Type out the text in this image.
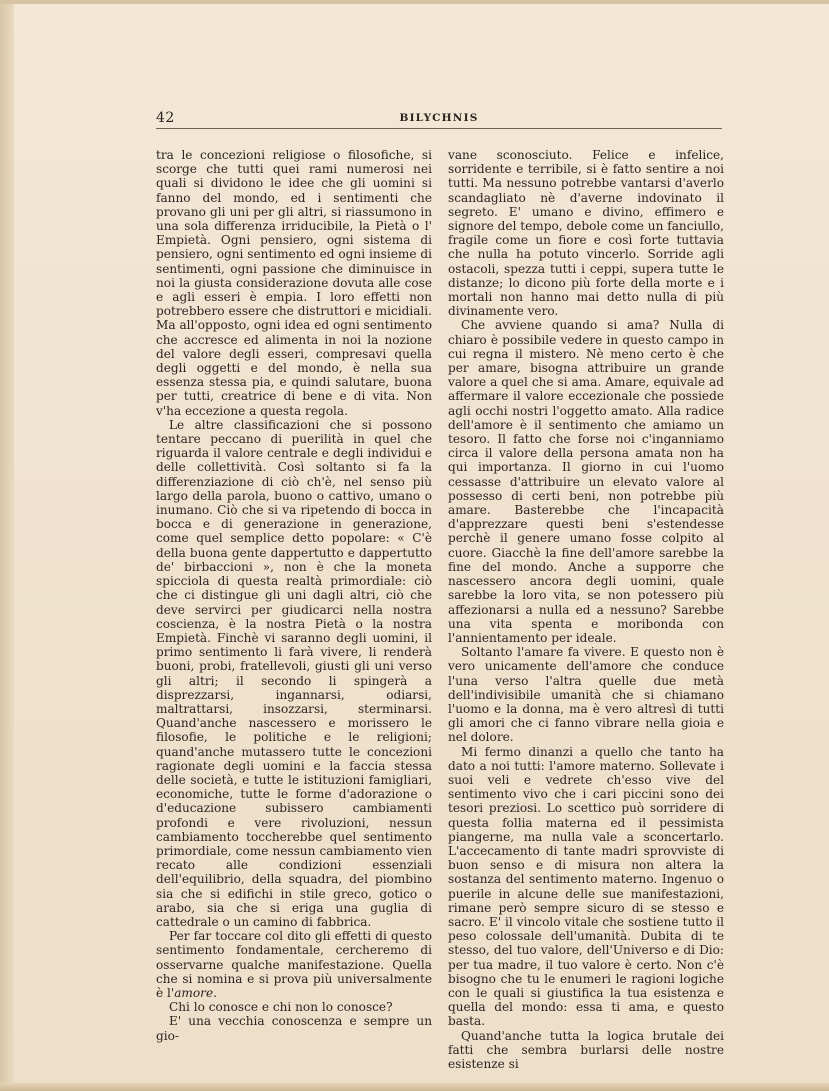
42	BILYCHNIS

tra le concezioni religiose o filosofiche, si scorge che tutti quei rami numerosi nei quali si dividono le idee che gli uomini si fanno del mondo, ed i sentimenti che provano gli uni per gli altri, si riassumono in una sola differenza irriducibile, la Pietà o l' Empietà. Ogni pensiero, ogni sistema di pensiero, ogni sentimento ed ogni insieme di sentimenti, ogni passione che diminuisce in noi la giusta considerazione dovuta alle cose e agli esseri è empia. I loro effetti non potrebbero essere che distruttori e micidiali. Ma all'opposto, ogni idea ed ogni sentimento che accresce ed alimenta in noi la nozione del valore degli esseri, compresavi quella degli oggetti e del mondo, è nella sua essenza stessa pia, e quindi salutare, buona per tutti, creatrice di bene e di vita. Non v'ha eccezione a questa regola.

Le altre classificazioni che si possono tentare peccano di puerilità in quel che riguarda il valore centrale e degli individui e delle collettività. Così soltanto si fa la differenziazione di ciò ch'è, nel senso più largo della parola, buono o cattivo, umano o inumano. Ciò che si va ripetendo di bocca in bocca e di generazione in generazione, come quel semplice detto popolare: « C'è della buona gente dappertutto e dappertutto de' birbaccioni », non è che la moneta spicciola di questa realtà primordiale: ciò che ci distingue gli uni dagli altri, ciò che deve servirci per giudicarci nella nostra coscienza, è la nostra Pietà o la nostra Empietà. Finchè vi saranno degli uomini, il primo sentimento li farà vivere, li renderà buoni, probi, fratellevoli, giusti gli uni verso gli altri; il secondo li spingerà a disprezzarsi, ingannarsi, odiarsi, maltrattarsi, insozzarsi, sterminarsi. Quand'anche nascessero e morissero le filosofie, le politiche e le religioni; quand'anche mutassero tutte le concezioni ragionate degli uomini e la faccia stessa delle società, e tutte le istituzioni famigliari, economiche, tutte le forme d'adorazione o d'educazione subissero cambiamenti profondi e vere rivoluzioni, nessun cambiamento toccherebbe quel sentimento primordiale, come nessun cambiamento vien recato alle condizioni essenziali dell'equilibrio, della squadra, del piombino sia che si edifichi in stile greco, gotico o arabo, sia che si eriga una guglia di cattedrale o un camino di fabbrica.

Per far toccare col dito gli effetti di questo sentimento fondamentale, cercheremo di osservarne qualche manifestazione. Quella che si nomina e si prova più universalmente è l'amore.

Chi lo conosce e chi non lo conosce?

E' una vecchia conoscenza e sempre un gio-

vane sconosciuto. Felice e infelice, sorridente e terribile, si è fatto sentire a noi tutti. Ma nessuno potrebbe vantarsi d'averlo scandagliato nè d'averne indovinato il segreto. E' umano e divino, effimero e signore del tempo, debole come un fanciullo, fragile come un fiore e così forte tuttavia che nulla ha potuto vincerlo. Sorride agli ostacoli, spezza tutti i ceppi, supera tutte le distanze; lo dicono più forte della morte e i mortali non hanno mai detto nulla di più divinamente vero.

Che avviene quando si ama? Nulla di chiaro è possibile vedere in questo campo in cui regna il mistero. Nè meno certo è che per amare, bisogna attribuire un grande valore a quel che si ama. Amare, equivale ad affermare il valore eccezionale che possiede agli occhi nostri l'oggetto amato. Alla radice dell'amore è il sentimento che amiamo un tesoro. Il fatto che forse noi c'inganniamo circa il valore della persona amata non ha qui importanza. Il giorno in cui l'uomo cessasse d'attribuire un elevato valore al possesso di certi beni, non potrebbe più amare. Basterebbe che l'incapacità d'apprezzare questi beni s'estendesse perchè il genere umano fosse colpito al cuore. Giacchè la fine dell'amore sarebbe la fine del mondo. Anche a supporre che nascessero ancora degli uomini, quale sarebbe la loro vita, se non potessero più affezionarsi a nulla ed a nessuno? Sarebbe una vita spenta e moribonda con l'annientamento per ideale.

Soltanto l'amare fa vivere. E questo non è vero unicamente dell'amore che conduce l'una verso l'altra quelle due metà dell'indivisibile umanità che si chiamano l'uomo e la donna, ma è vero altresì di tutti gli amori che ci fanno vibrare nella gioia e nel dolore.

Mi fermo dinanzi a quello che tanto ha dato a noi tutti: l'amore materno. Sollevate i suoi veli e vedrete ch'esso vive del sentimento vivo che i cari piccini sono dei tesori preziosi. Lo scettico può sorridere di questa follia materna ed il pessimista piangerne, ma nulla vale a sconcertarlo. L'accecamento di tante madri sprovviste di buon senso e di misura non altera la sostanza del sentimento materno. Ingenuo o puerile in alcune delle sue manifestazioni, rimane però sempre sicuro di se stesso e sacro. E' il vincolo vitale che sostiene tutto il peso colossale dell'umanità. Dubita di te stesso, del tuo valore, dell'Universo e di Dio: per tua madre, il tuo valore è certo. Non c'è bisogno che tu le enumeri le ragioni logiche con le quali si giustifica la tua esistenza e quella del mondo: essa ti ama, e questo basta.

Quand'anche tutta la logica brutale dei fatti che sembra burlarsi delle nostre esistenze si
